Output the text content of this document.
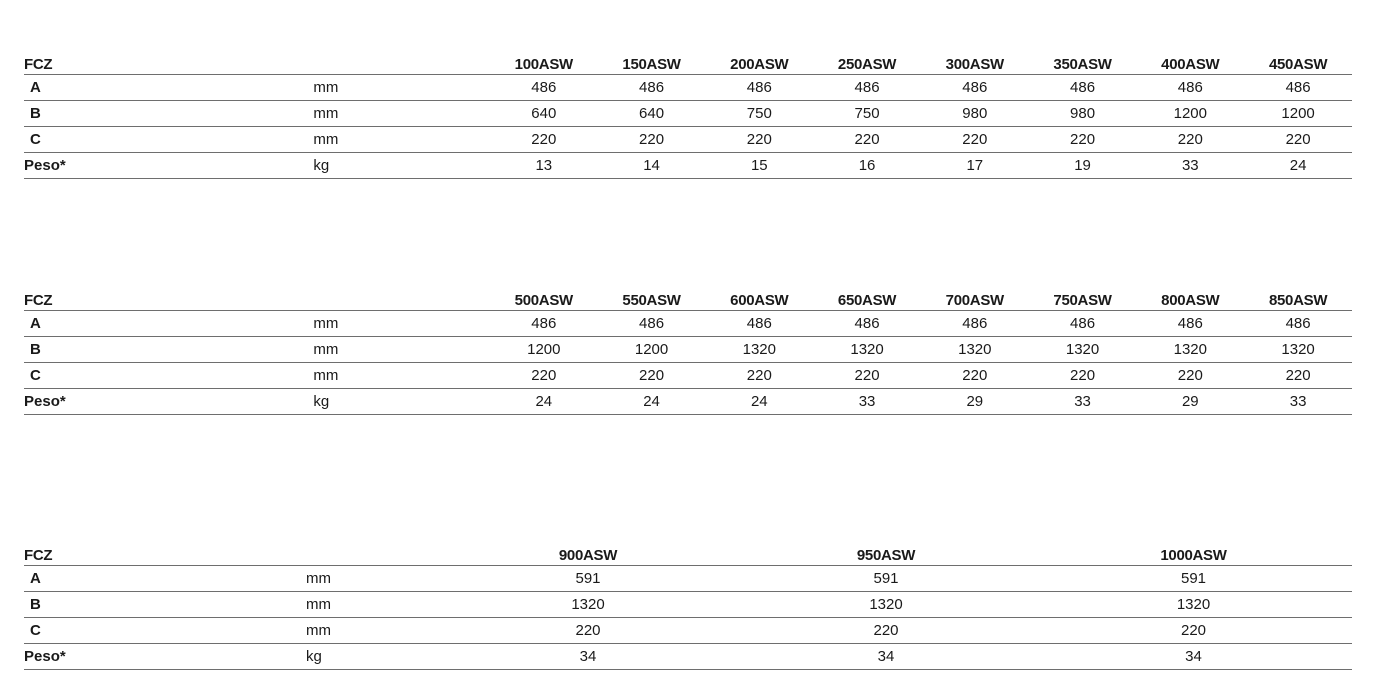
FCZ		100ASW	150ASW	200ASW	250ASW	300ASW	350ASW	400ASW	450ASW
A	mm	486	486	486	486	486	486	486	486
B	mm	640	640	750	750	980	980	1200	1200
C	mm	220	220	220	220	220	220	220	220
Peso*	kg	13	14	15	16	17	19	33	24
FCZ		500ASW	550ASW	600ASW	650ASW	700ASW	750ASW	800ASW	850ASW
A	mm	486	486	486	486	486	486	486	486
B	mm	1200	1200	1320	1320	1320	1320	1320	1320
C	mm	220	220	220	220	220	220	220	220
Peso*	kg	24	24	24	33	29	33	29	33
FCZ		900ASW	950ASW	1000ASW
A	mm	591	591	591
B	mm	1320	1320	1320
C	mm	220	220	220
Peso*	kg	34	34	34
